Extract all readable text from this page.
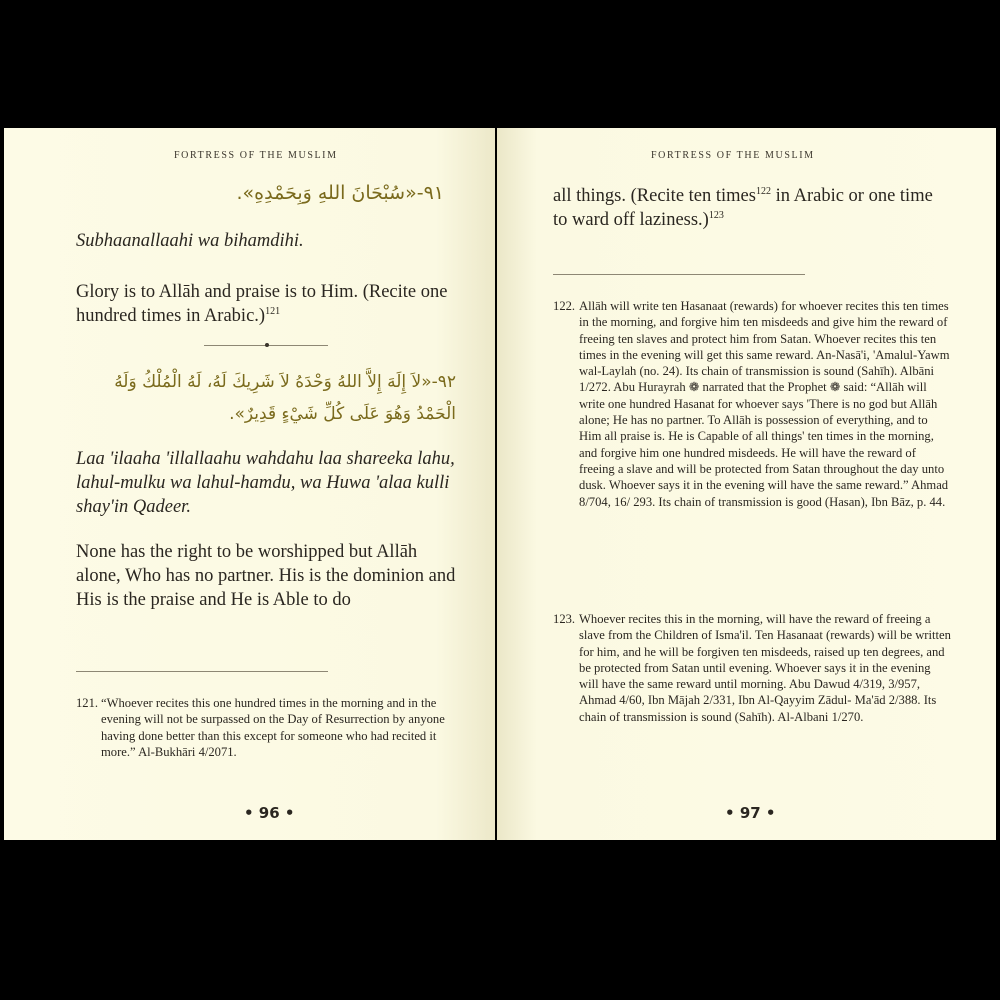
FORTRESS OF THE MUSLIM
٩١-«سُبْحَانَ اللهِ وَبِحَمْدِهِ».
Subhaanallaahi wa bihamdihi.
Glory is to Allāh and praise is to Him. (Recite one hundred times in Arabic.)$^{121}$
٩٢-«لاَ إِلَهَ إِلاَّ اللهُ وَحْدَهُ لاَ شَرِيكَ لَهُ، لَهُ الْمُلْكُ وَلَهُ
الْحَمْدُ وَهُوَ عَلَى كُلِّ شَيْءٍ قَدِيرٌ».
Laa 'ilaaha 'illallaahu wahdahu laa shareeka lahu, lahul-mulku wa lahul-hamdu, wa Huwa 'alaa kulli shay'in Qadeer.
None has the right to be worshipped but Allāh alone, Who has no partner. His is the dominion and His is the praise and He is Able to do
121. “Whoever recites this one hundred times in the morning and in the evening will not be surpassed on the Day of Resurrection by anyone having done better than this except for someone who had recited it more.” Al-Bukhāri 4/2071.
• 96 •
FORTRESS OF THE MUSLIM
all things. (Recite ten times$^{122}$ in Arabic or one time to ward off laziness.)$^{123}$
122. Allāh will write ten Hasanaat (rewards) for whoever recites this ten times in the morning, and forgive him ten misdeeds and give him the reward of freeing ten slaves and protect him from Satan. Whoever recites this ten times in the evening will get this same reward. An-Nasā'i, 'Amalul-Yawm wal-Laylah (no. 24). Its chain of transmission is sound (Sahīh). Albāni 1/272. Abu Hurayrah ❁ narrated that the Prophet ❁ said: “Allāh will write one hundred Hasanat for whoever says 'There is no god but Allāh alone; He has no partner. To Allāh is possession of everything, and to Him all praise is. He is Capable of all things' ten times in the morning, and forgive him one hundred misdeeds. He will have the reward of freeing a slave and will be protected from Satan throughout the day unto dusk. Whoever says it in the evening will have the same reward.” Ahmad 8/704, 16/ 293. Its chain of transmission is good (Hasan), Ibn Bāz, p. 44.
123. Whoever recites this in the morning, will have the reward of freeing a slave from the Children of Isma'il. Ten Hasanaat (rewards) will be written for him, and he will be forgiven ten misdeeds, raised up ten degrees, and be protected from Satan until evening. Whoever says it in the evening will have the same reward until morning. Abu Dawud 4/319, 3/957, Ahmad 4/60, Ibn Mājah 2/331, Ibn Al-Qayyim Zādul- Ma'ād 2/388. Its chain of transmission is sound (Sahīh). Al-Albani 1/270.
• 97 •
